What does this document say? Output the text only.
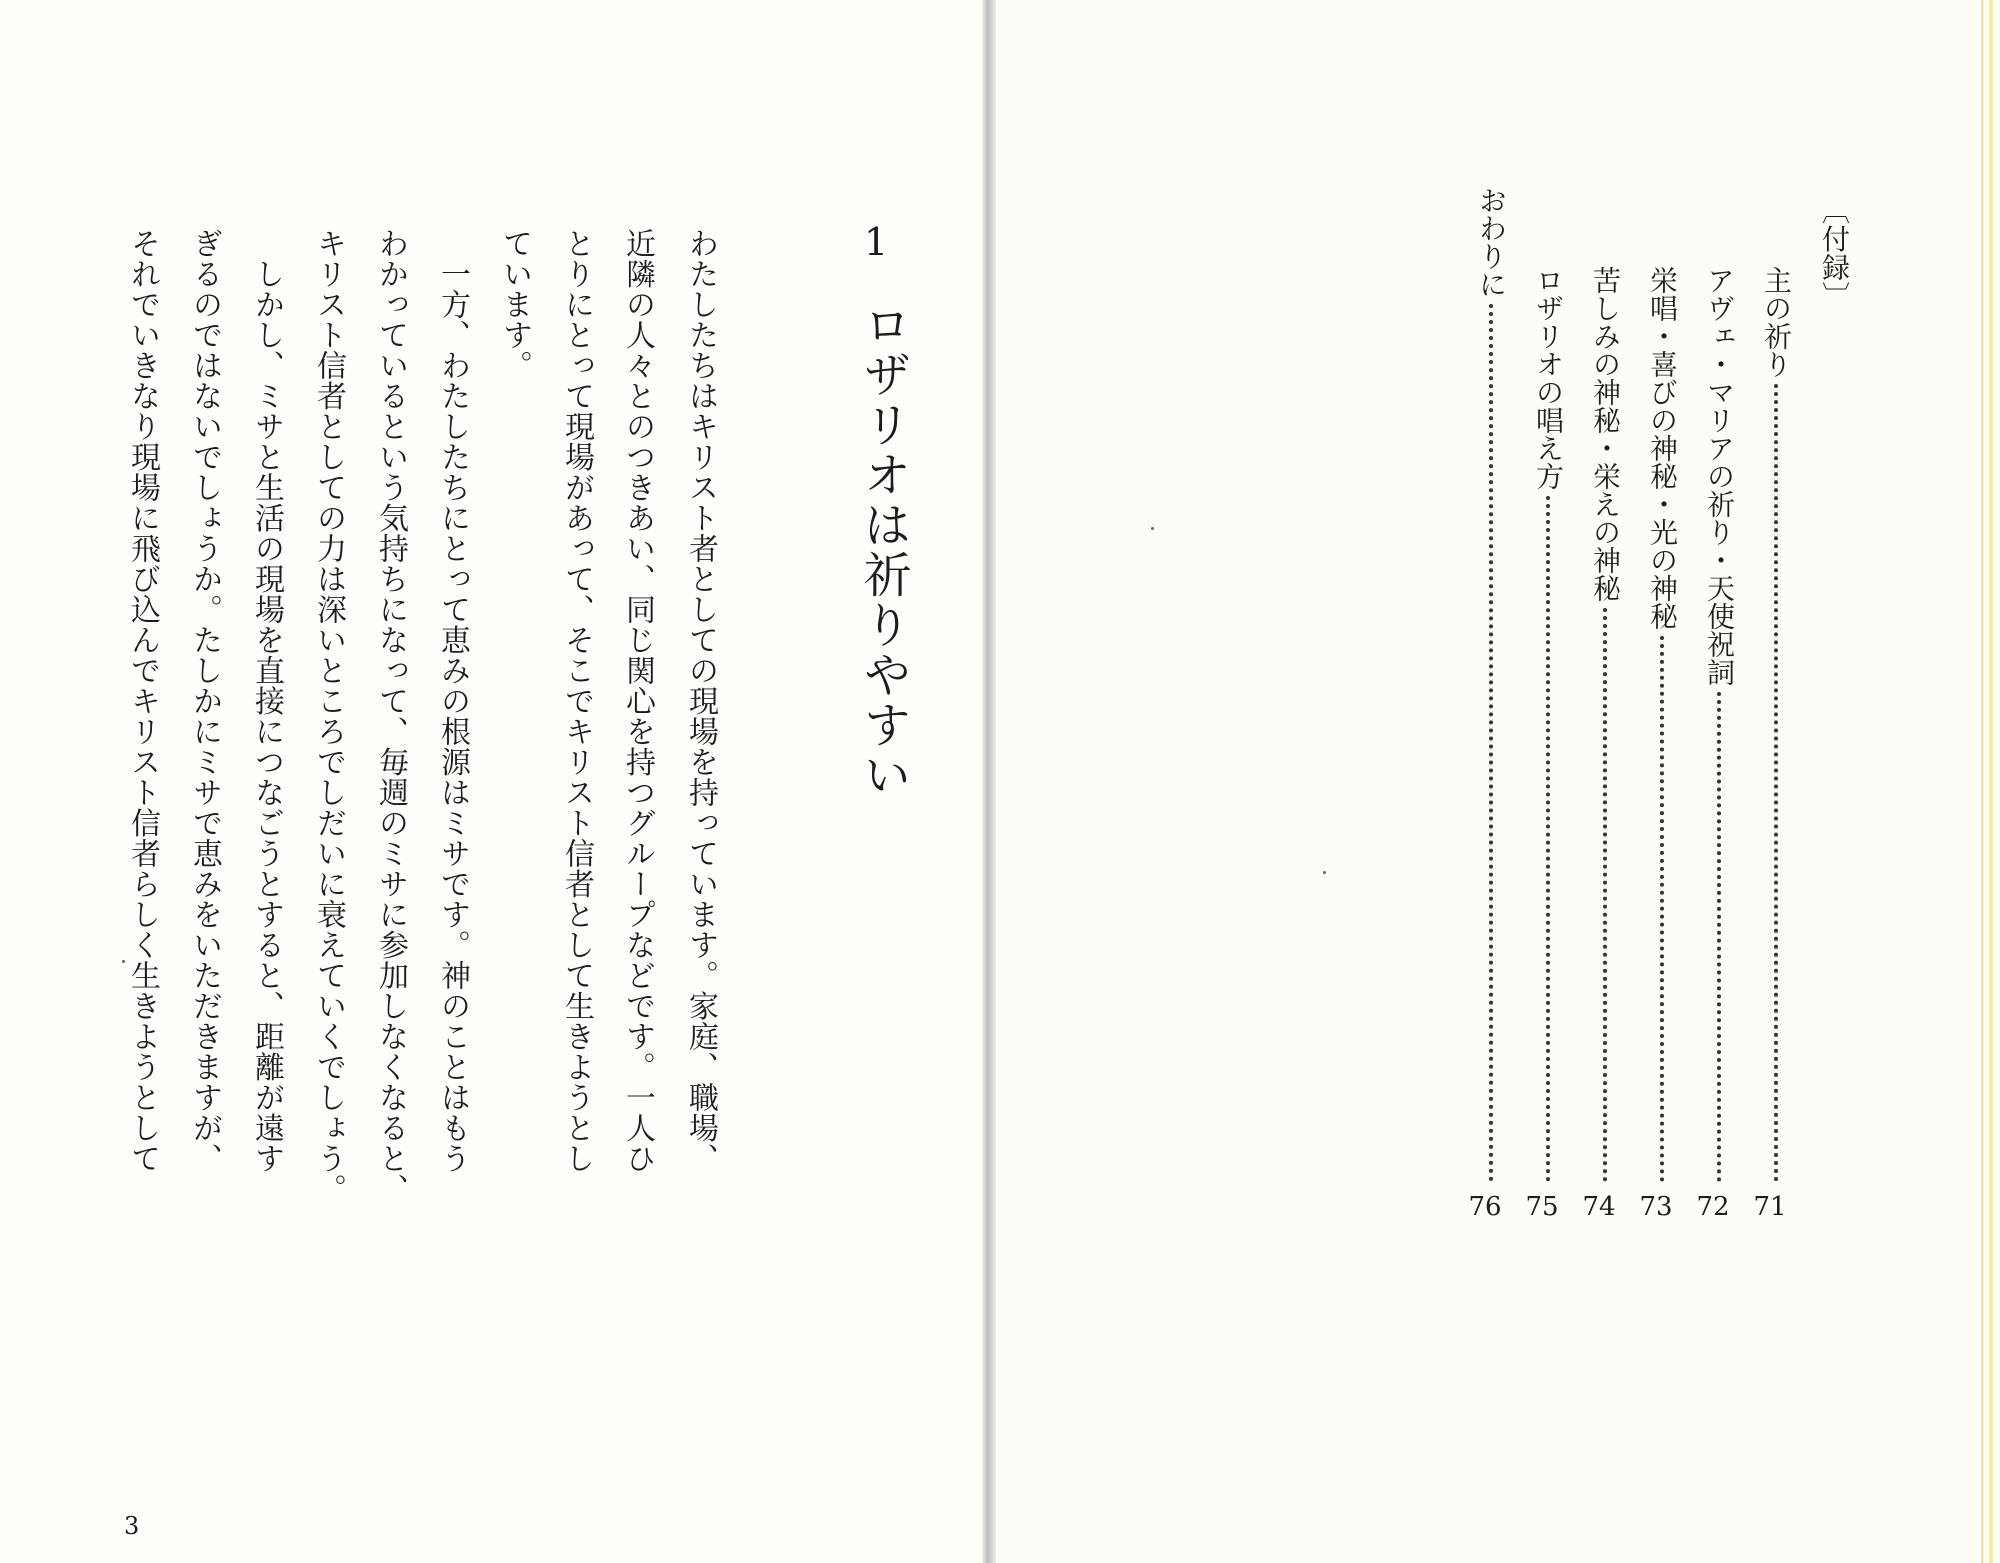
1
ロザリオは祈りやすい
わたしたちはキリスト者としての現場を持っています。家庭、職場、
近隣の人々とのつきあい、同じ関心を持つグループなどです。一人ひ
とりにとって現場があって、そこでキリスト信者として生きようとし
ています。
　一方、わたしたちにとって恵みの根源はミサです。神のことはもう
わかっているという気持ちになって、毎週のミサに参加しなくなると、
キリスト信者としての力は深いところでしだいに衰えていくでしょう。
　しかし、ミサと生活の現場を直接につなごうとすると、距離が遠す
ぎるのではないでしょうか。たしかにミサで恵みをいただきますが、
それでいきなり現場に飛び込んでキリスト信者らしく生きようとして
3
〔付録〕
主の祈り
71
アヴェ・マリアの祈り・天使祝詞
72
栄唱・喜びの神秘・光の神秘
73
苦しみの神秘・栄えの神秘
74
ロザリオの唱え方
75
おわりに
76
